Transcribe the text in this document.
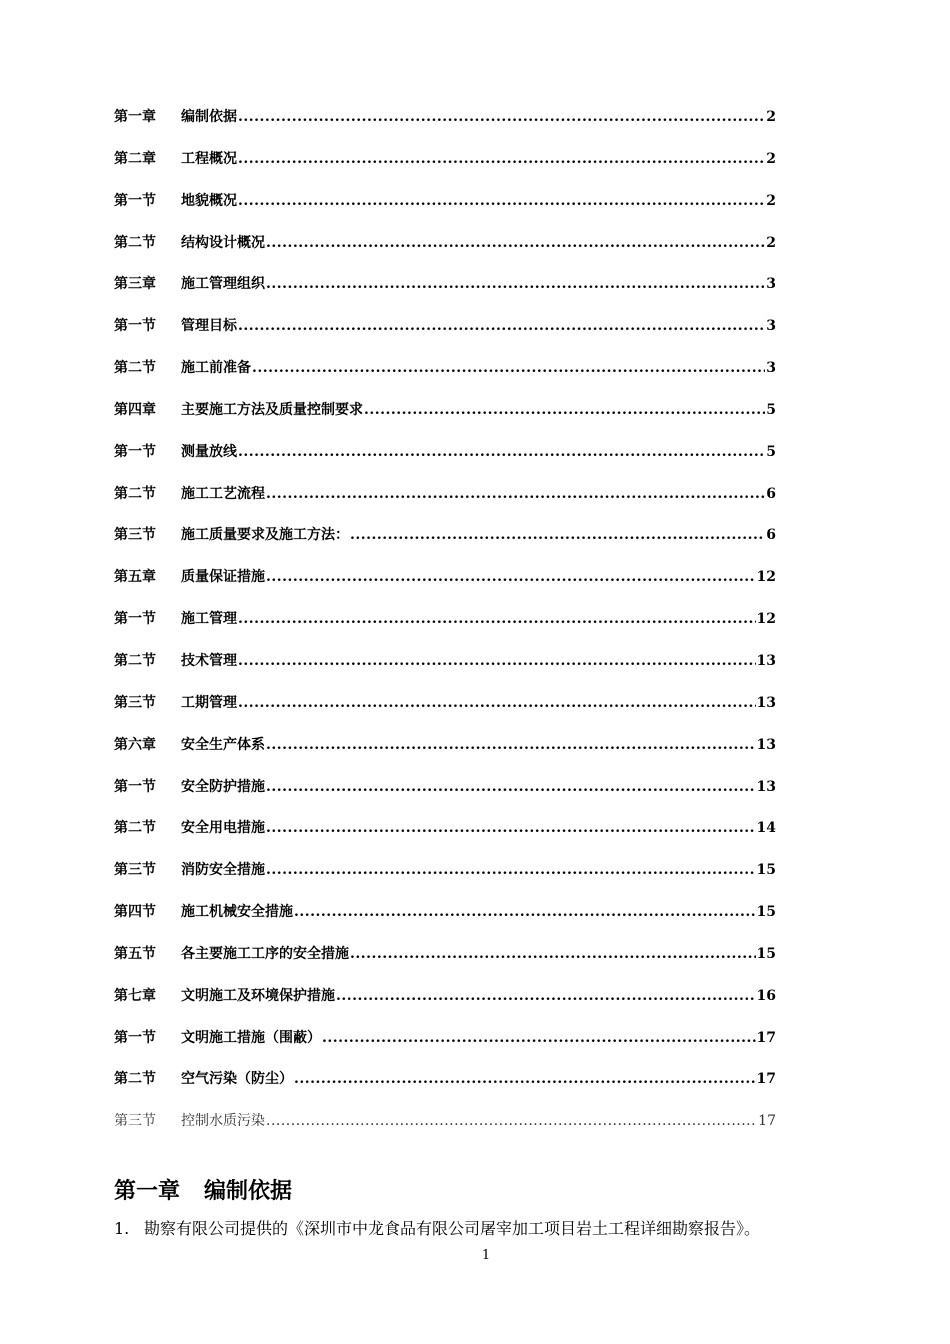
第一章	编制依据 .....	2
第二章	工程概况 .....	2
第一节	地貌概况 .....	2
第二节	结构设计概况 .....	2
第三章	施工管理组织 .....	3
第一节	管理目标 .....	3
第二节	施工前准备 .....	3
第四章	主要施工方法及质量控制要求 .....	5
第一节	测量放线 .....	5
第二节	施工工艺流程 .....	6
第三节	施工质量要求及施工方法： .....	6
第五章	质量保证措施 .....	12
第一节	施工管理 .....	12
第二节	技术管理 .....	13
第三节	工期管理 .....	13
第六章	安全生产体系 .....	13
第一节	安全防护措施 .....	13
第二节	安全用电措施 .....	14
第三节	消防安全措施 .....	15
第四节	施工机械安全措施 .....	15
第五节	各主要施工工序的安全措施 .....	15
第七章	文明施工及环境保护措施 .....	16
第一节	文明施工措施（围蔽） .....	17
第二节	空气污染（防尘） .....	17
第三节	控制水质污染 .....	17
第一章 编制依据
1. 勘察有限公司提供的《深圳市中龙食品有限公司屠宰加工项目岩土工程详细勘察报告》。
1
